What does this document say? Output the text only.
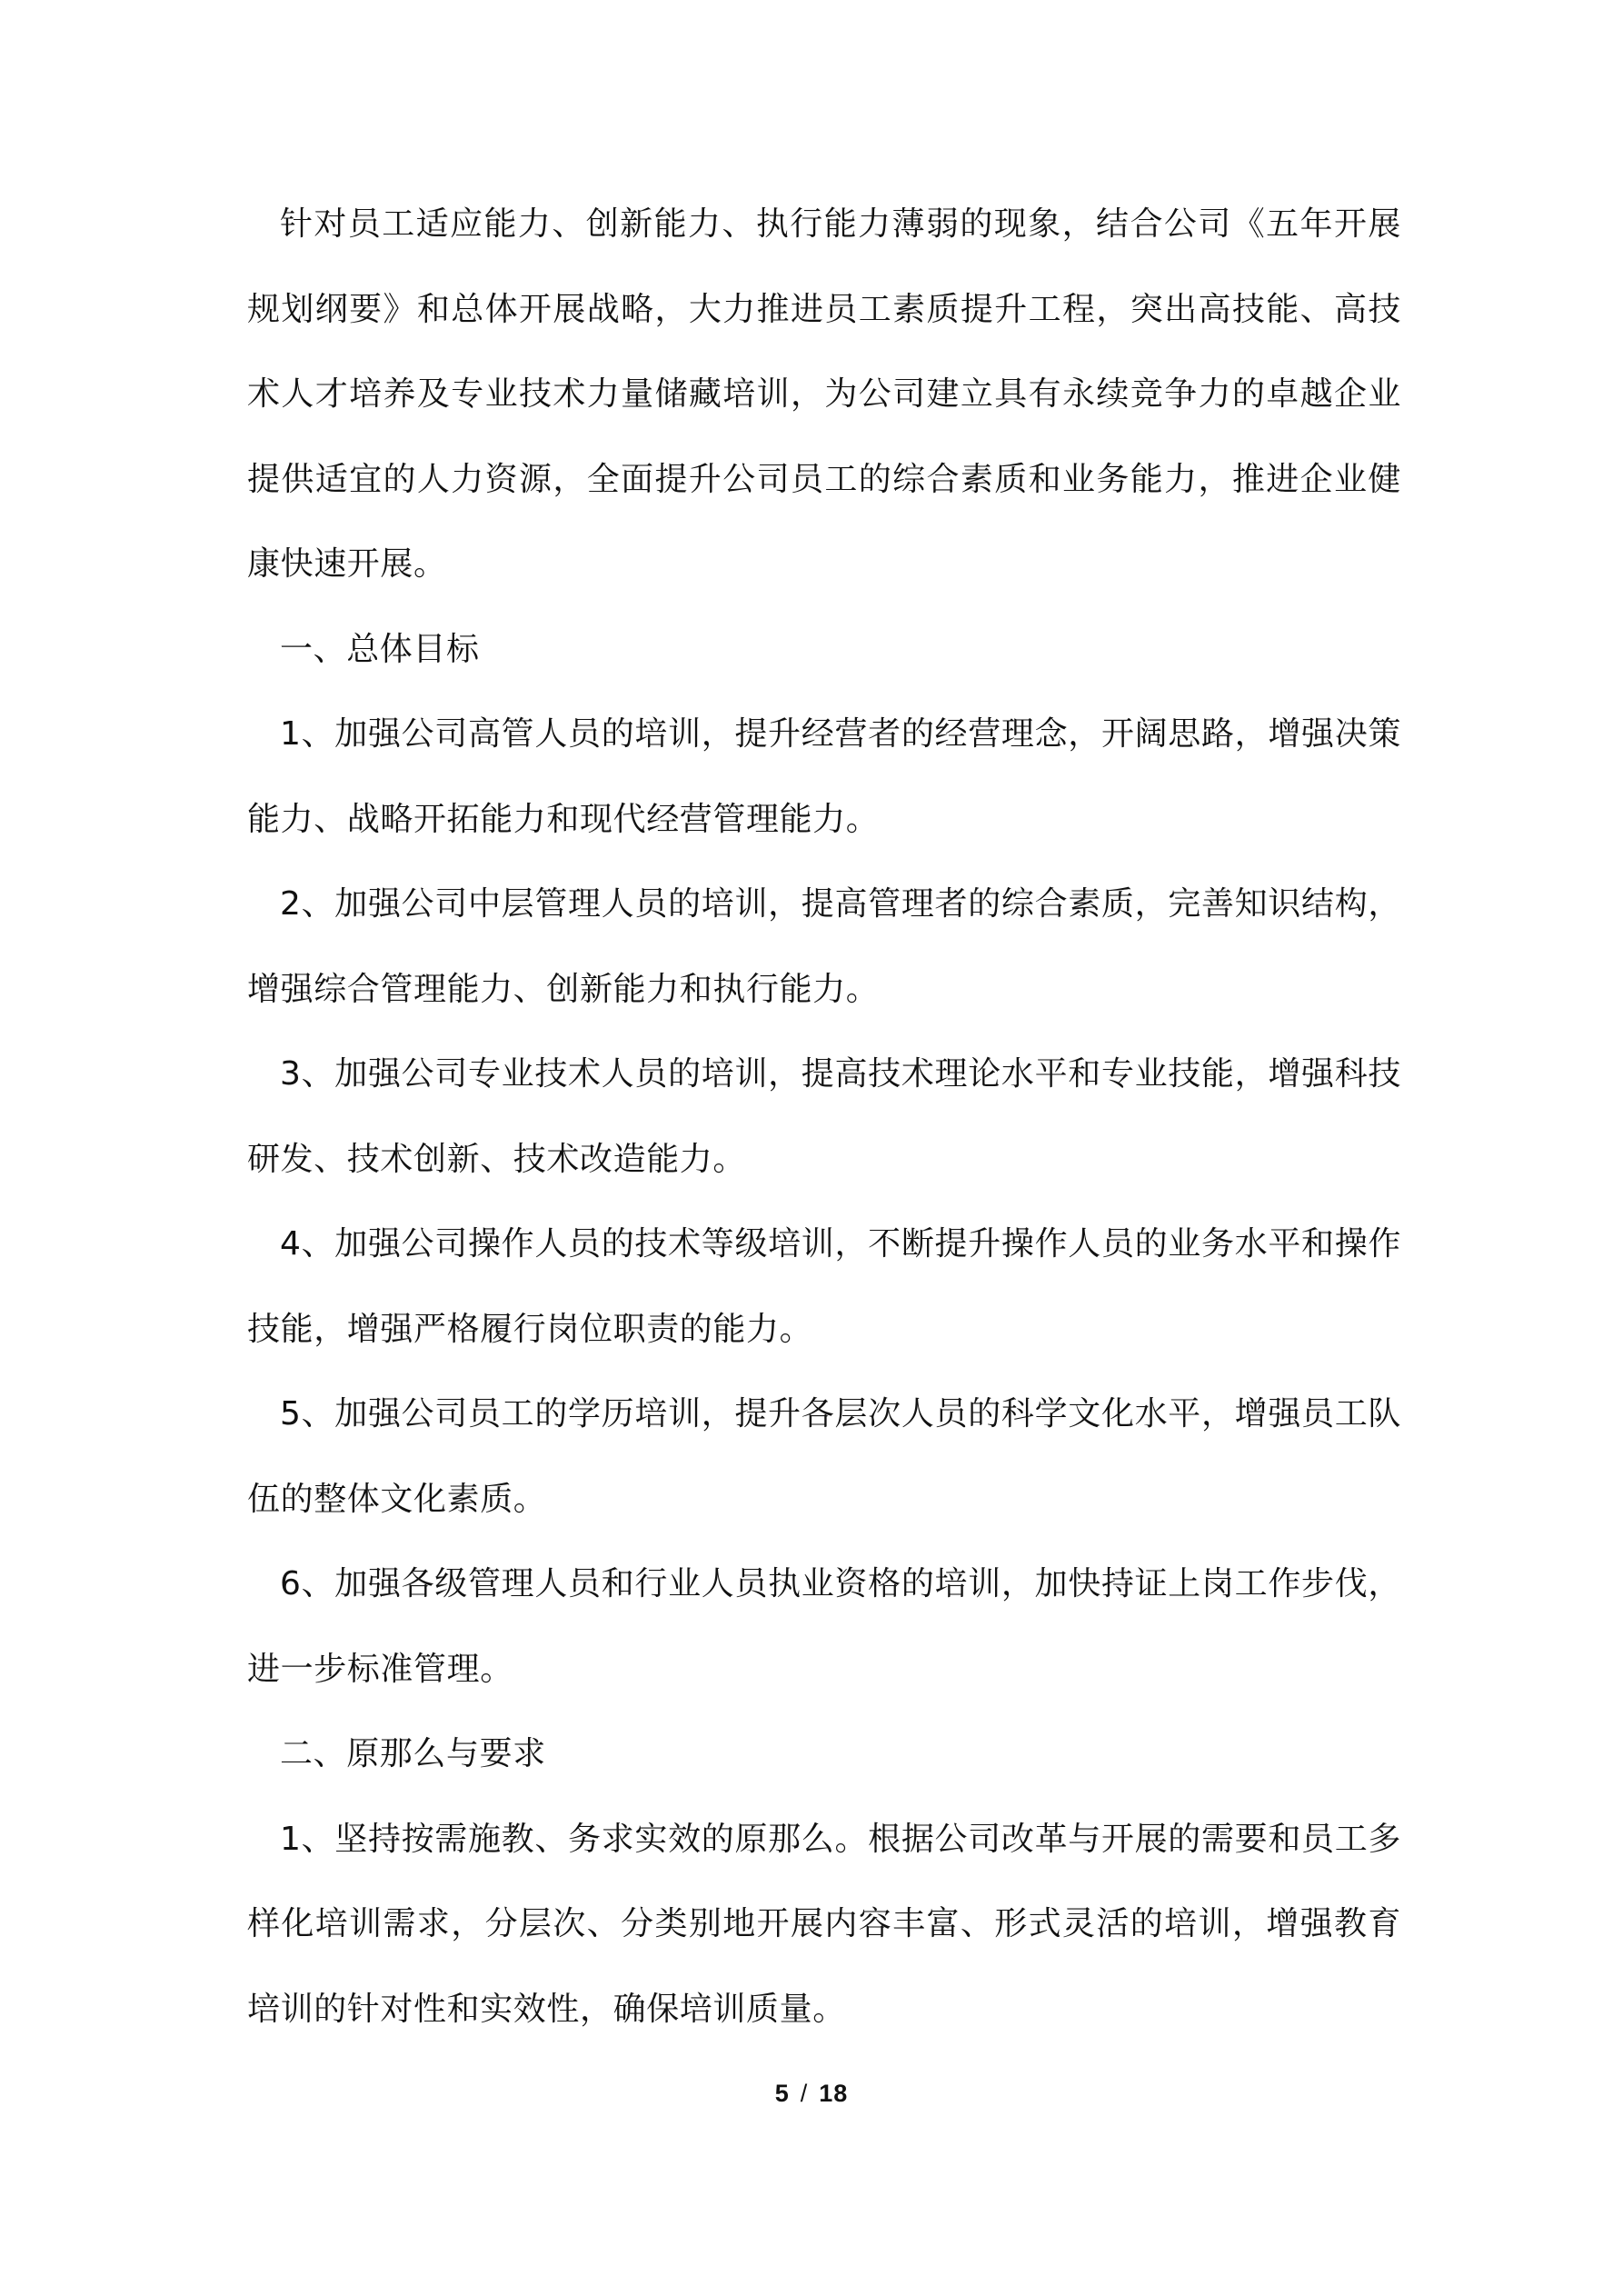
针对员工适应能力、创新能力、执行能力薄弱的现象，结合公司《五年开展规划纲要》和总体开展战略，大力推进员工素质提升工程，突出高技能、高技术人才培养及专业技术力量储藏培训，为公司建立具有永续竞争力的卓越企业提供适宜的人力资源，全面提升公司员工的综合素质和业务能力，推进企业健康快速开展。

一、总体目标

1、加强公司高管人员的培训，提升经营者的经营理念，开阔思路，增强决策能力、战略开拓能力和现代经营管理能力。

2、加强公司中层管理人员的培训，提高管理者的综合素质，完善知识结构，增强综合管理能力、创新能力和执行能力。

3、加强公司专业技术人员的培训，提高技术理论水平和专业技能，增强科技研发、技术创新、技术改造能力。

4、加强公司操作人员的技术等级培训，不断提升操作人员的业务水平和操作技能，增强严格履行岗位职责的能力。

5、加强公司员工的学历培训，提升各层次人员的科学文化水平，增强员工队伍的整体文化素质。

6、加强各级管理人员和行业人员执业资格的培训，加快持证上岗工作步伐，进一步标准管理。

二、原那么与要求

1、坚持按需施教、务求实效的原那么。根据公司改革与开展的需要和员工多样化培训需求，分层次、分类别地开展内容丰富、形式灵活的培训，增强教育培训的针对性和实效性，确保培训质量。

5 / 18
